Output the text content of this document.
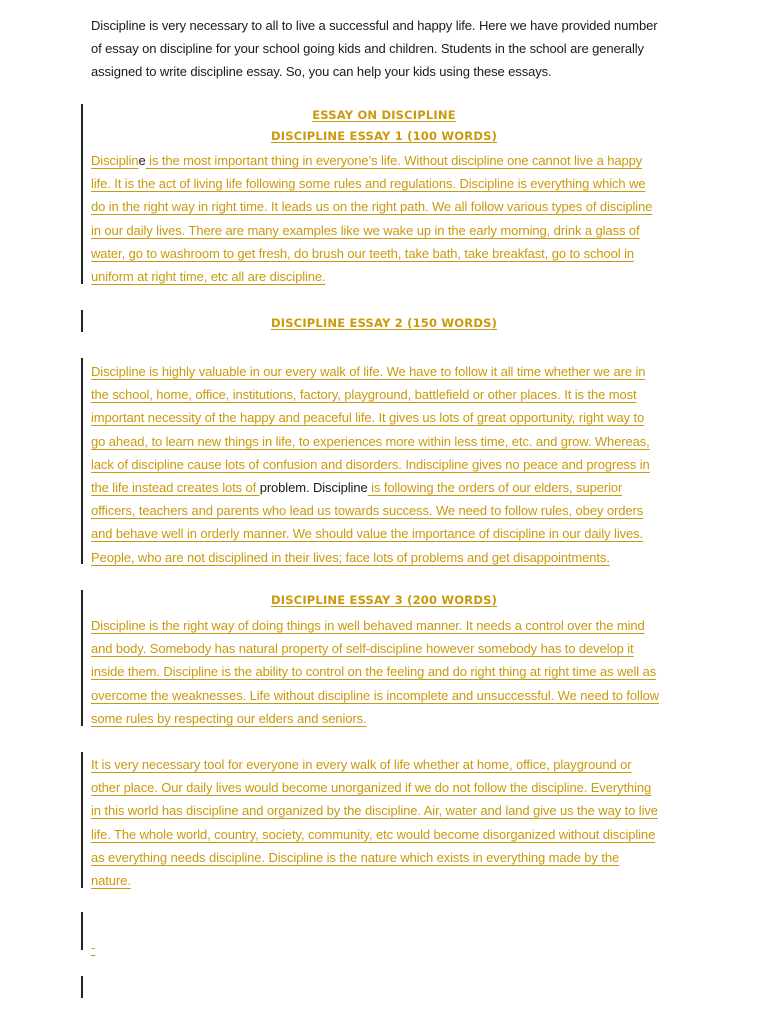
Discipline is very necessary to all to live a successful and happy life. Here we have provided number
of essay on discipline for your school going kids and children. Students in the school are generally
assigned to write discipline essay. So, you can help your kids using these essays.
ESSAY ON DISCIPLINE
DISCIPLINE ESSAY 1 (100 WORDS)
Discipline is the most important thing in everyone’s life. Without discipline one cannot live a happy
life. It is the act of living life following some rules and regulations. Discipline is everything which we
do in the right way in right time. It leads us on the right path. We all follow various types of discipline
in our daily lives. There are many examples like we wake up in the early morning, drink a glass of
water, go to washroom to get fresh, do brush our teeth, take bath, take breakfast, go to school in
uniform at right time, etc all are discipline.
DISCIPLINE ESSAY 2 (150 WORDS)
Discipline is highly valuable in our every walk of life. We have to follow it all time whether we are in
the school, home, office, institutions, factory, playground, battlefield or other places. It is the most
important necessity of the happy and peaceful life. It gives us lots of great opportunity, right way to
go ahead, to learn new things in life, to experiences more within less time, etc. and grow. Whereas,
lack of discipline cause lots of confusion and disorders. Indiscipline gives no peace and progress in
the life instead creates lots of problem. Discipline is following the orders of our elders, superior
officers, teachers and parents who lead us towards success. We need to follow rules, obey orders
and behave well in orderly manner. We should value the importance of discipline in our daily lives.
People, who are not disciplined in their lives; face lots of problems and get disappointments.
DISCIPLINE ESSAY 3 (200 WORDS)
Discipline is the right way of doing things in well behaved manner. It needs a control over the mind
and body. Somebody has natural property of self-discipline however somebody has to develop it
inside them. Discipline is the ability to control on the feeling and do right thing at right time as well as
overcome the weaknesses. Life without discipline is incomplete and unsuccessful. We need to follow
some rules by respecting our elders and seniors.
It is very necessary tool for everyone in every walk of life whether at home, office, playground or
other place. Our daily lives would become unorganized if we do not follow the discipline. Everything
in this world has discipline and organized by the discipline. Air, water and land give us the way to live
life. The whole world, country, society, community, etc would become disorganized without discipline
as everything needs discipline. Discipline is the nature which exists in everything made by the
nature.
-
